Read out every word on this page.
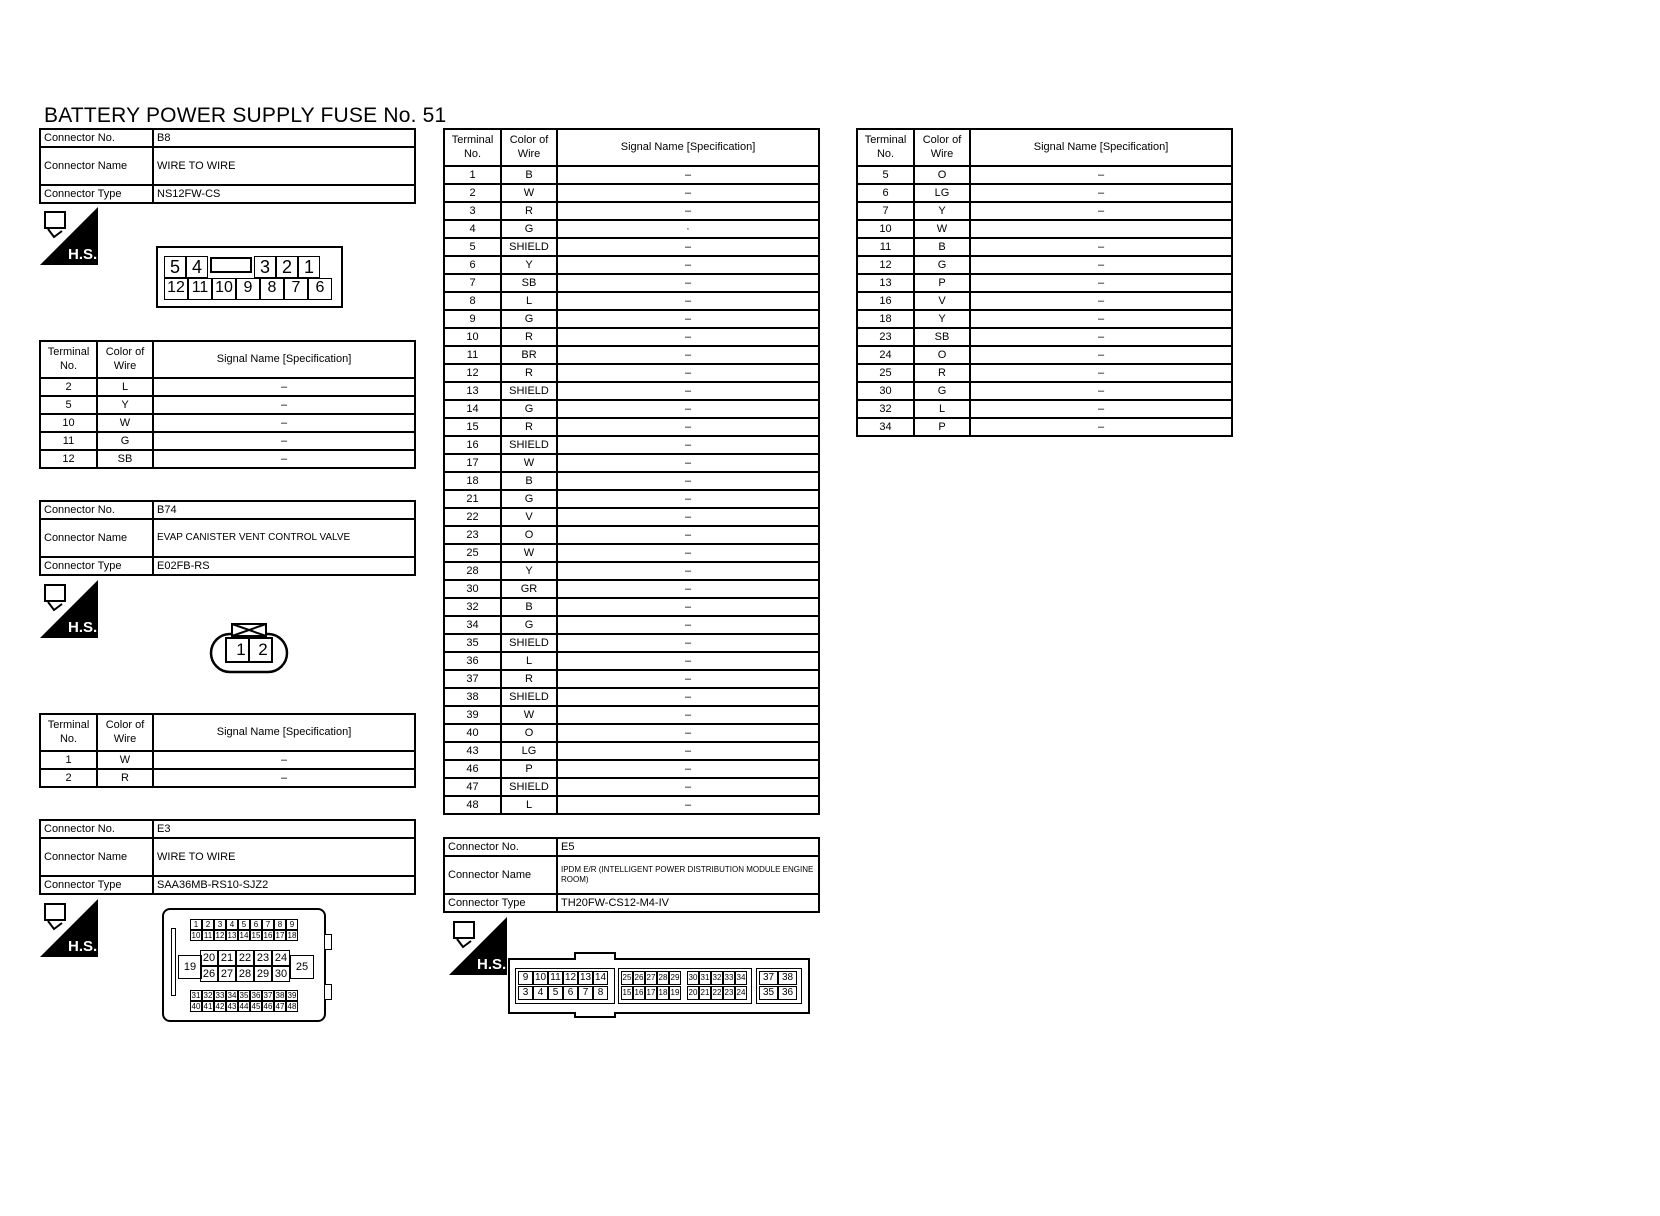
BATTERY POWER SUPPLY FUSE No. 51
Connector No.	B8
Connector Name	WIRE TO WIRE
Connector Type	NS12FW-CS
H.S.
5 4	3 2 1
12 11 10 9 8 7 6
Terminal No.	Color of Wire	Signal Name [Specification]
2	L	–
5	Y	–
10	W	–
11	G	–
12	SB	–
Connector No.	B74
Connector Name	EVAP CANISTER VENT CONTROL VALVE
Connector Type	E02FB-RS
H.S.
1 2
Terminal No.	Color of Wire	Signal Name [Specification]
1	W	–
2	R	–
Connector No.	E3
Connector Name	WIRE TO WIRE
Connector Type	SAA36MB-RS10-SJZ2
H.S.
1 2 3 4 5 6 7 8 9
10 11 12 13 14 15 16 17 18
19
20 21 22 23 24
26 27 28 29 30
25
31 32 33 34 35 36 37 38 39
40 41 42 43 44 45 46 47 48
Terminal No.	Color of Wire	Signal Name [Specification]
1	B	–
2	W	–
3	R	–
4	G	·
5	SHIELD	–
6	Y	–
7	SB	–
8	L	–
9	G	–
10	R	–
11	BR	–
12	R	–
13	SHIELD	–
14	G	–
15	R	–
16	SHIELD	–
17	W	–
18	B	–
21	G	–
22	V	–
23	O	–
25	W	–
28	Y	–
30	GR	–
32	B	–
34	G	–
35	SHIELD	–
36	L	–
37	R	–
38	SHIELD	–
39	W	–
40	O	–
43	LG	–
46	P	–
47	SHIELD	–
48	L	–
Connector No.	E5
Connector Name	IPDM E/R (INTELLIGENT POWER DISTRIBUTION MODULE ENGINE ROOM)
Connector Type	TH20FW-CS12-M4-IV
H.S.
9 10 11 12 13 14
3 4 5 6 7 8
25 26 27 28 29
15 16 17 18 19
30 31 32 33 34
20 21 22 23 24
37 38
35 36
Terminal No.	Color of Wire	Signal Name [Specification]
5	O	–
6	LG	–
7	Y	–
10	W	
11	B	–
12	G	–
13	P	–
16	V	–
18	Y	–
23	SB	–
24	O	–
25	R	–
30	G	–
32	L	–
34	P	–
